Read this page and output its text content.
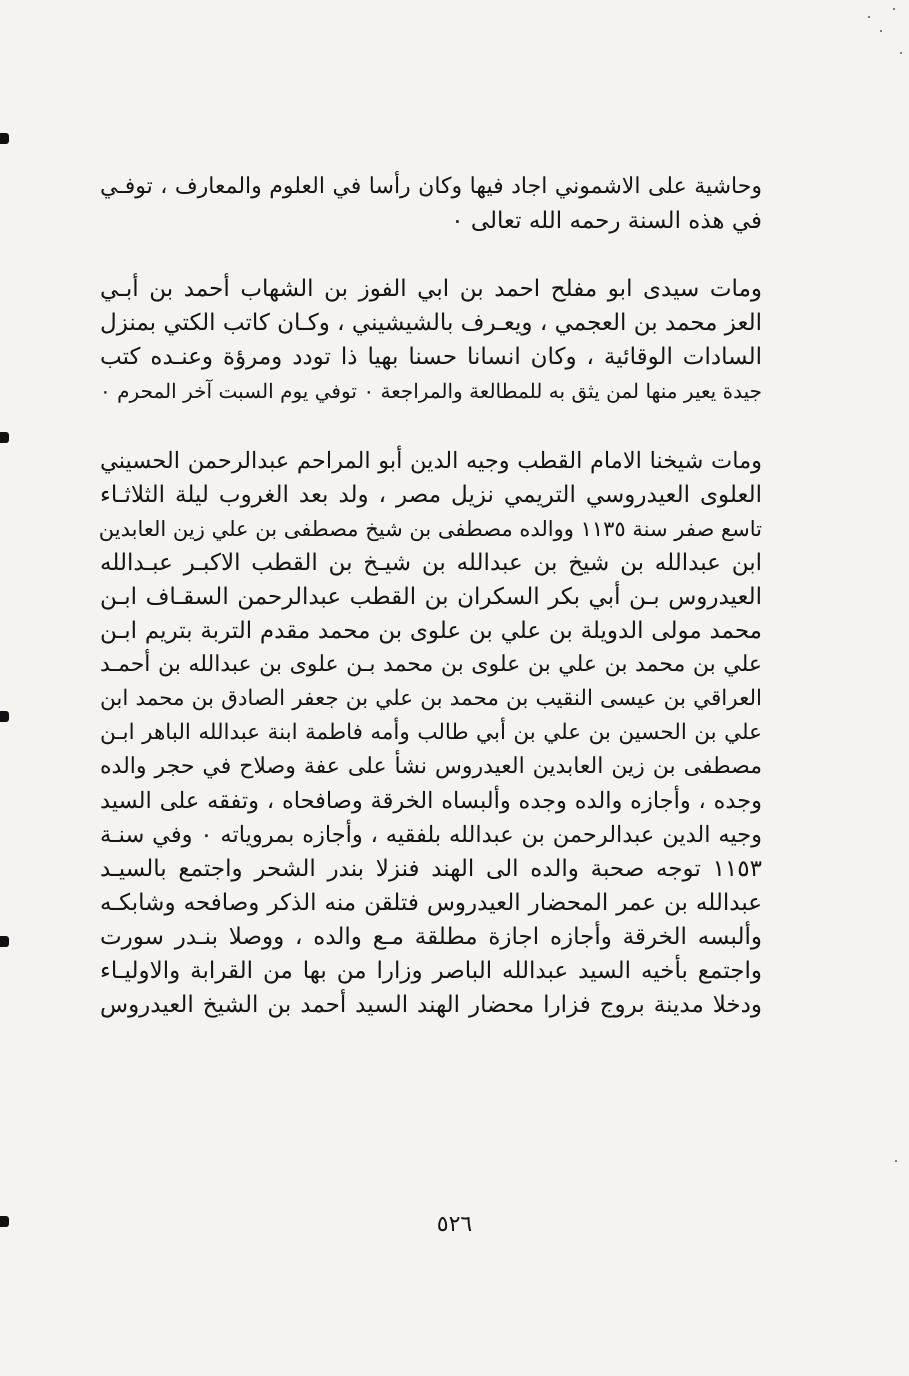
وحاشية على الاشموني اجاد فيها وكان رأسا في العلوم والمعارف ، توفـي
في هذه السنة رحمه الله تعالى ٠
ومات سيدى ابو مفلح احمد بن ابي الفوز بن الشهاب أحمد بن أبـي
العز محمد بن العجمي ، ويعـرف بالشيشيني ، وكـان كاتب الكتي بمنزل
السادات الوقائية ، وكان انسانا حسنا بهيا ذا تودد ومرؤة وعنـده كتب
جيدة يعير منها لمن يثق به للمطالعة والمراجعة ٠ توفي يوم السبت آخر المحرم ٠
ومات شيخنا الامام القطب وجيه الدين أبو المراحم عبدالرحمن الحسيني
العلوى العيدروسي التريمي نزيل مصر ، ولد بعد الغروب ليلة الثلاثـاء
تاسع صفر سنة ١١٣٥ ووالده مصطفى بن شيخ مصطفى بن علي زين العابدين
ابن عبدالله بن شيخ بن عبدالله بن شيـخ بن القطب الاكبـر عبـدالله
العيدروس بـن أبي بكر السكران بن القطب عبدالرحمن السقـاف ابـن
محمد مولى الدويلة بن علي بن علوى بن محمد مقدم التربة بتريم ابـن
علي بن محمد بن علي بن علوى بن محمد بـن علوى بن عبدالله بن أحمـد
العراقي بن عيسى النقيب بن محمد بن علي بن جعفر الصادق بن محمد ابن
علي بن الحسين بن علي بن أبي طالب وأمه فاطمة ابنة عبدالله الباهر ابـن
مصطفى بن زين العابدين العيدروس نشأ على عفة وصلاح في حجر والده
وجده ، وأجازه والده وجده وألبساه الخرقة وصافحاه ، وتفقه على السيد
وجيه الدين عبدالرحمن بن عبدالله بلفقيه ، وأجازه بمروياته ٠ وفي سنـة
١١٥٣ توجه صحبة والده الى الهند فنزلا بندر الشحر واجتمع بالسيـد
عبدالله بن عمر المحضار العيدروس فتلقن منه الذكر وصافحه وشابكـه
وألبسه الخرقة وأجازه اجازة مطلقة مـع والده ، ووصلا بنـدر سورت
واجتمع بأخيه السيد عبدالله الباصر وزارا من بها من القرابة والاوليـاء
ودخلا مدينة بروج فزارا محضار الهند السيد أحمد بن الشيخ العيدروس
٥٢٦
